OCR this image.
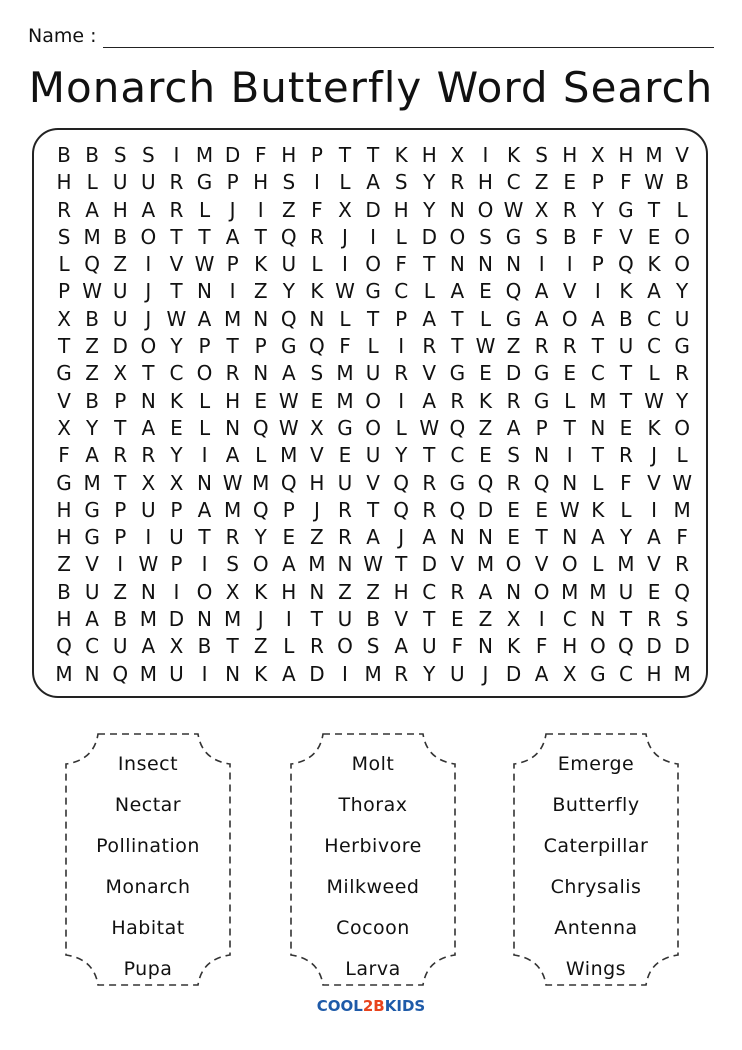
Name :
Monarch Butterfly Word Search
B B S S I M D F H P T T K H X I K S H X H M V
H L U U R G P H S I L A S Y R H C Z E P F W B
R A H A R L J	I Z F X D H Y N O W X R Y G T L
S M B O T T A T Q R J	I L D O S G S B F V E O
L Q Z I V W P K U L I O F T N N N I	I P Q K O
P W U J T N I Z Y K W G C L A E Q A V I K A Y
X B U J W A M N Q N L T P A T L G A O A B C U
T Z D O Y P T P G Q F L I R T W Z R R T U C G
G Z X T C O R N A S M U R V G E D G E C T L R
V B P N K L H E W E M O I A R K R G L M T W Y
X Y T A E L N Q W X G O L W Q Z A P T N E K O
F A R R Y I A L M V E U Y T C E S N I T R J L
G M T X X N W M Q H U V Q R G Q R Q N L F V W
H G P U P A M Q P J R T Q R Q D E E W K L I M
H G P I U T R Y E Z R A J A N N E T N A Y A F
Z V I W P I S O A M N W T D V M O V O L M V R
B U Z N I O X K H N Z Z H C R A N O M M U E Q
H A B M D N M J	I T U B V T E Z X I C N T R S
Q C U A X B T Z L R O S A U F N K F H O Q D D
M N Q M U I N K A D I M R Y U J D A X G C H M
Insect
Nectar
Pollination
Monarch
Habitat
Pupa
Molt
Thorax
Herbivore
Milkweed
Cocoon
Larva
Emerge
Butterfly
Caterpillar
Chrysalis
Antenna
Wings
COOL2BKIDS
